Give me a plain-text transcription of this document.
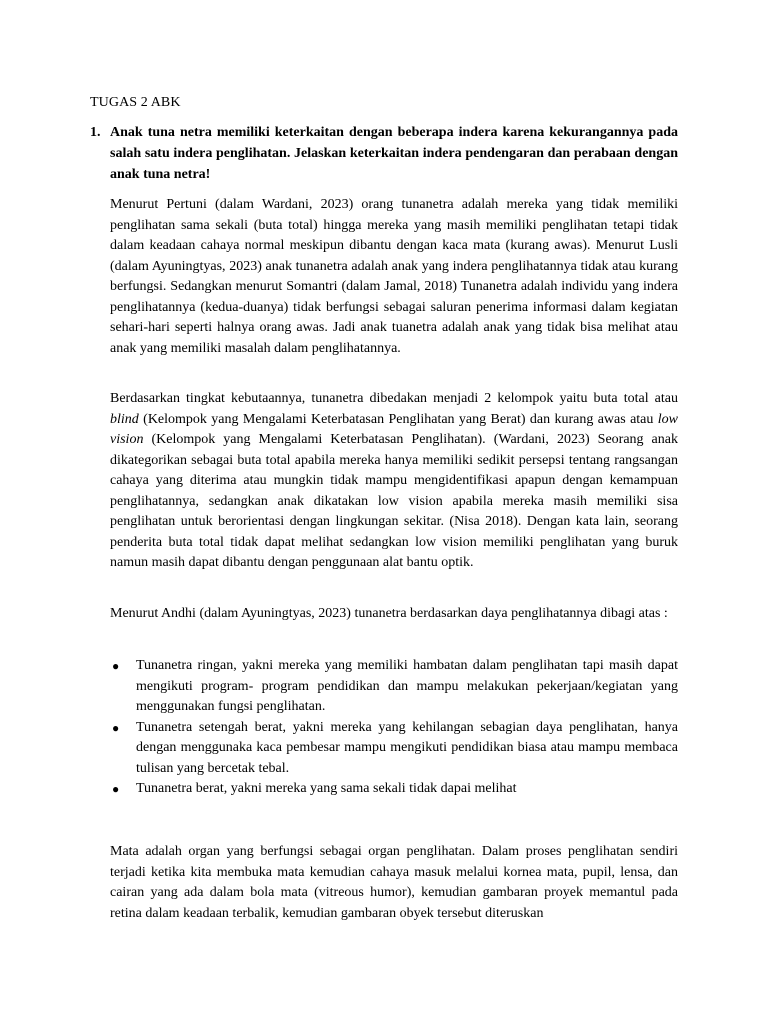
TUGAS 2 ABK
1. Anak tuna netra memiliki keterkaitan dengan beberapa indera karena kekurangannya pada salah satu indera penglihatan. Jelaskan keterkaitan indera pendengaran dan perabaan dengan anak tuna netra!

Menurut Pertuni (dalam Wardani, 2023) orang tunanetra adalah mereka yang tidak memiliki penglihatan sama sekali (buta total) hingga mereka yang masih memiliki penglihatan tetapi tidak dalam keadaan cahaya normal meskipun dibantu dengan kaca mata (kurang awas). Menurut Lusli (dalam Ayuningtyas, 2023) anak tunanetra adalah anak yang indera penglihatannya tidak atau kurang berfungsi. Sedangkan menurut Somantri (dalam Jamal, 2018) Tunanetra adalah individu yang indera penglihatannya (kedua-duanya) tidak berfungsi sebagai saluran penerima informasi dalam kegiatan sehari-hari seperti halnya orang awas. Jadi anak tuanetra adalah anak yang tidak bisa melihat atau anak yang memiliki masalah dalam penglihatannya.

Berdasarkan tingkat kebutaannya, tunanetra dibedakan menjadi 2 kelompok yaitu buta total atau blind (Kelompok yang Mengalami Keterbatasan Penglihatan yang Berat) dan kurang awas atau low vision (Kelompok yang Mengalami Keterbatasan Penglihatan). (Wardani, 2023) Seorang anak dikategorikan sebagai buta total apabila mereka hanya memiliki sedikit persepsi tentang rangsangan cahaya yang diterima atau mungkin tidak mampu mengidentifikasi apapun dengan kemampuan penglihatannya, sedangkan anak dikatakan low vision apabila mereka masih memiliki sisa penglihatan untuk berorientasi dengan lingkungan sekitar. (Nisa 2018). Dengan kata lain, seorang penderita buta total tidak dapat melihat sedangkan low vision memiliki penglihatan yang buruk namun masih dapat dibantu dengan penggunaan alat bantu optik.

Menurut Andhi (dalam Ayuningtyas, 2023) tunanetra berdasarkan daya penglihatannya dibagi atas :

●	Tunanetra ringan, yakni mereka yang memiliki hambatan dalam penglihatan tapi masih dapat mengikuti program- program pendidikan dan mampu melakukan pekerjaan/kegiatan yang menggunakan fungsi penglihatan.
●	Tunanetra setengah berat, yakni mereka yang kehilangan sebagian daya penglihatan, hanya dengan menggunaka kaca pembesar mampu mengikuti pendidikan biasa atau mampu membaca tulisan yang bercetak tebal.
●	Tunanetra berat, yakni mereka yang sama sekali tidak dapai melihat

Mata adalah organ yang berfungsi sebagai organ penglihatan. Dalam proses penglihatan sendiri terjadi ketika kita membuka mata kemudian cahaya masuk melalui kornea mata, pupil, lensa, dan cairan yang ada dalam bola mata (vitreous humor), kemudian gambaran proyek memantul pada retina dalam keadaan terbalik, kemudian gambaran obyek tersebut diteruskan
